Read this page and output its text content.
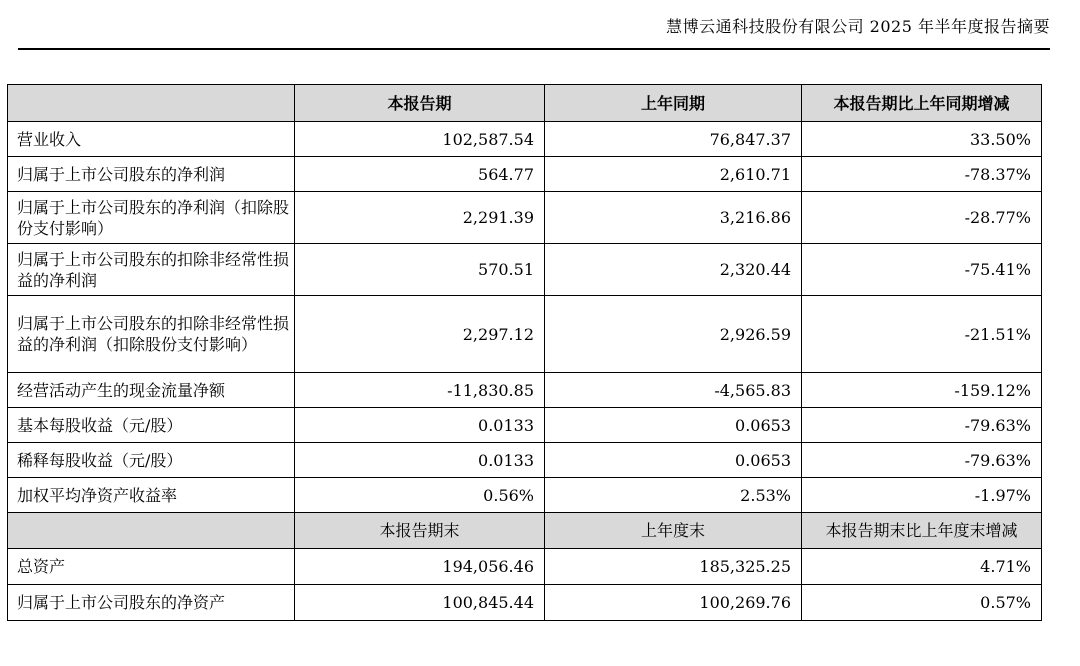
慧博云通科技股份有限公司 2025 年半年度报告摘要
	本报告期	上年同期	本报告期比上年同期增减
营业收入	102,587.54	76,847.37	33.50%
归属于上市公司股东的净利润	564.77	2,610.71	-78.37%
归属于上市公司股东的净利润（扣除股份支付影响）	2,291.39	3,216.86	-28.77%
归属于上市公司股东的扣除非经常性损益的净利润	570.51	2,320.44	-75.41%
归属于上市公司股东的扣除非经常性损益的净利润（扣除股份支付影响）	2,297.12	2,926.59	-21.51%
经营活动产生的现金流量净额	-11,830.85	-4,565.83	-159.12%
基本每股收益（元/股）	0.0133	0.0653	-79.63%
稀释每股收益（元/股）	0.0133	0.0653	-79.63%
加权平均净资产收益率	0.56%	2.53%	-1.97%
	本报告期末	上年度末	本报告期末比上年度末增减
总资产	194,056.46	185,325.25	4.71%
归属于上市公司股东的净资产	100,845.44	100,269.76	0.57%
